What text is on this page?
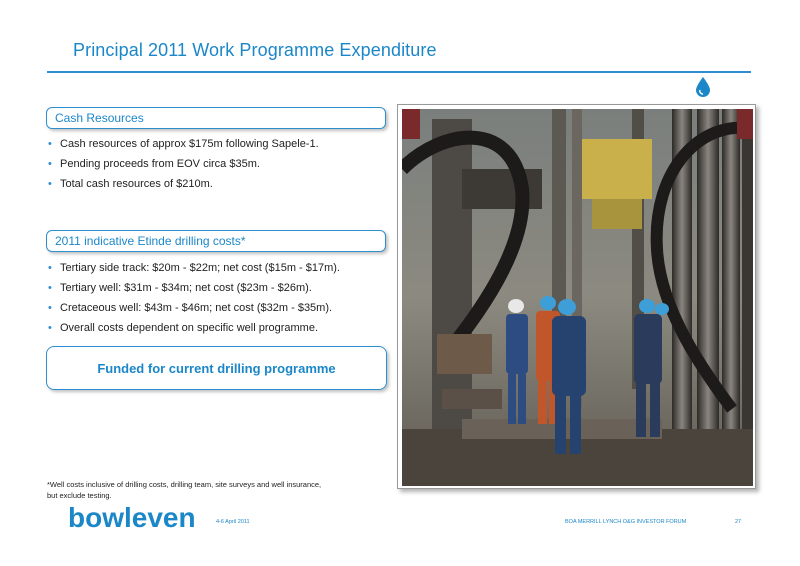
Principal 2011 Work Programme Expenditure
Cash Resources
• Cash resources of approx $175m following Sapele-1.
• Pending proceeds from EOV circa $35m.
• Total cash resources of $210m.
2011 indicative Etinde drilling costs*
• Tertiary side track: $20m - $22m; net cost ($15m - $17m).
• Tertiary well: $31m - $34m; net cost ($23m - $26m).
• Cretaceous well: $43m - $46m; net cost ($32m - $35m).
• Overall costs dependent on specific well programme.
Funded for current drilling programme
*Well costs inclusive of drilling costs, drilling team, site surveys and well insurance,
but exclude testing.
bowleven	4-6 April 2011	BOA MERRILL LYNCH O&G INVESTOR FORUM	27
